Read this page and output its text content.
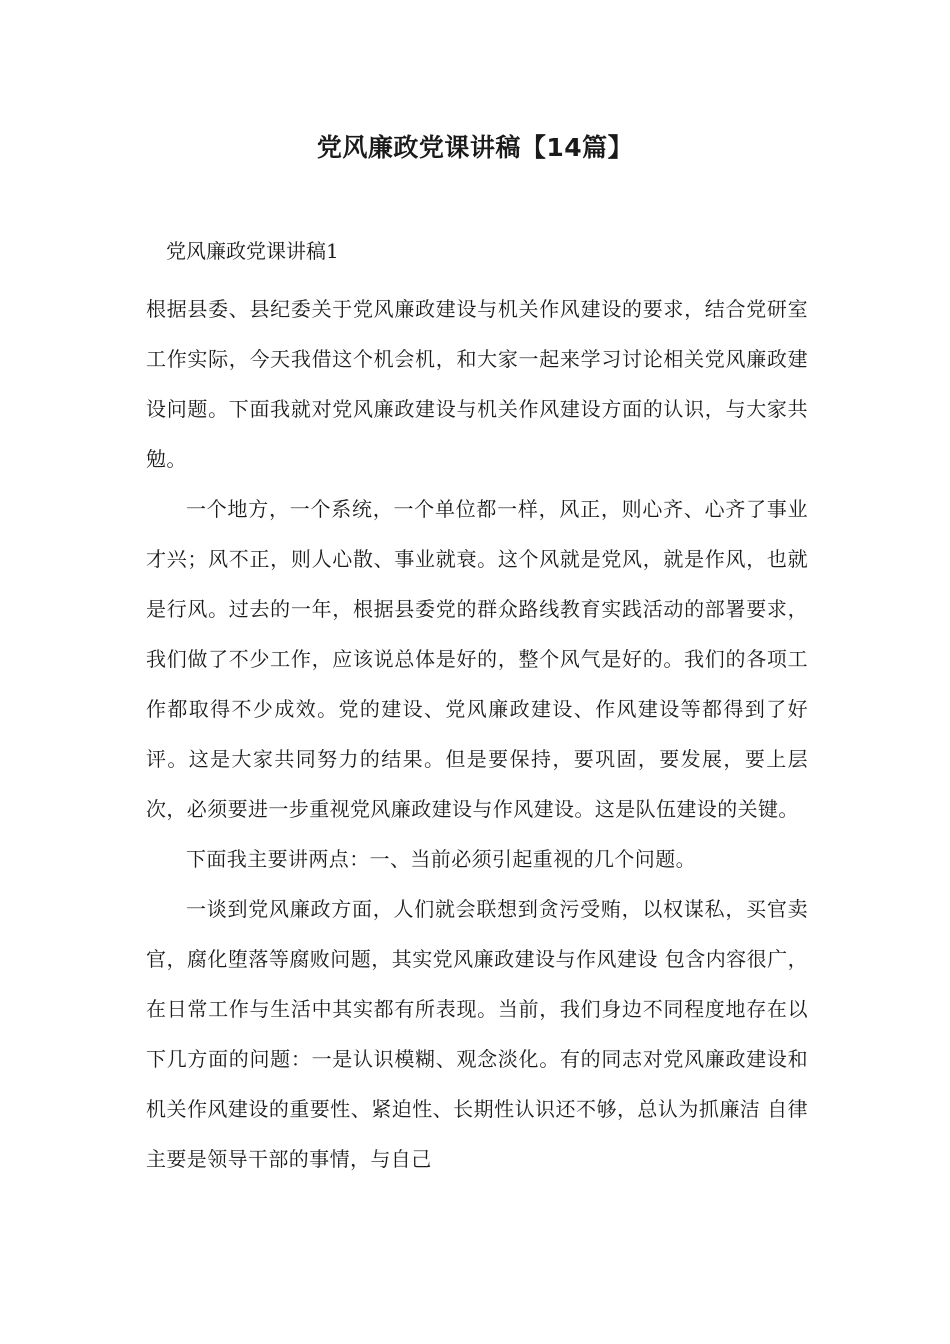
党风廉政党课讲稿【14篇】
党风廉政党课讲稿1

根据县委、县纪委关于党风廉政建设与机关作风建设的要求，结合党研室工作实际，今天我借这个机会机，和大家一起来学习讨论相关党风廉政建设问题。下面我就对党风廉政建设与机关作风建设方面的认识，与大家共勉。

一个地方，一个系统，一个单位都一样，风正，则心齐、心齐了事业才兴；风不正，则人心散、事业就衰。这个风就是党风，就是作风，也就是行风。过去的一年，根据县委党的群众路线教育实践活动的部署要求，我们做了不少工作，应该说总体是好的，整个风气是好的。我们的各项工作都取得不少成效。党的建设、党风廉政建设、作风建设等都得到了好评。这是大家共同努力的结果。但是要保持，要巩固，要发展，要上层次，必须要进一步重视党风廉政建设与作风建设。这是队伍建设的关键。

下面我主要讲两点：一、当前必须引起重视的几个问题。

一谈到党风廉政方面，人们就会联想到贪污受贿，以权谋私，买官卖官，腐化堕落等腐败问题，其实党风廉政建设与作风建设 包含内容很广，在日常工作与生活中其实都有所表现。当前，我们身边不同程度地存在以下几方面的问题：一是认识模糊、观念淡化。有的同志对党风廉政建设和机关作风建设的重要性、紧迫性、长期性认识还不够，总认为抓廉洁 自律主要是领导干部的事情，与自己
